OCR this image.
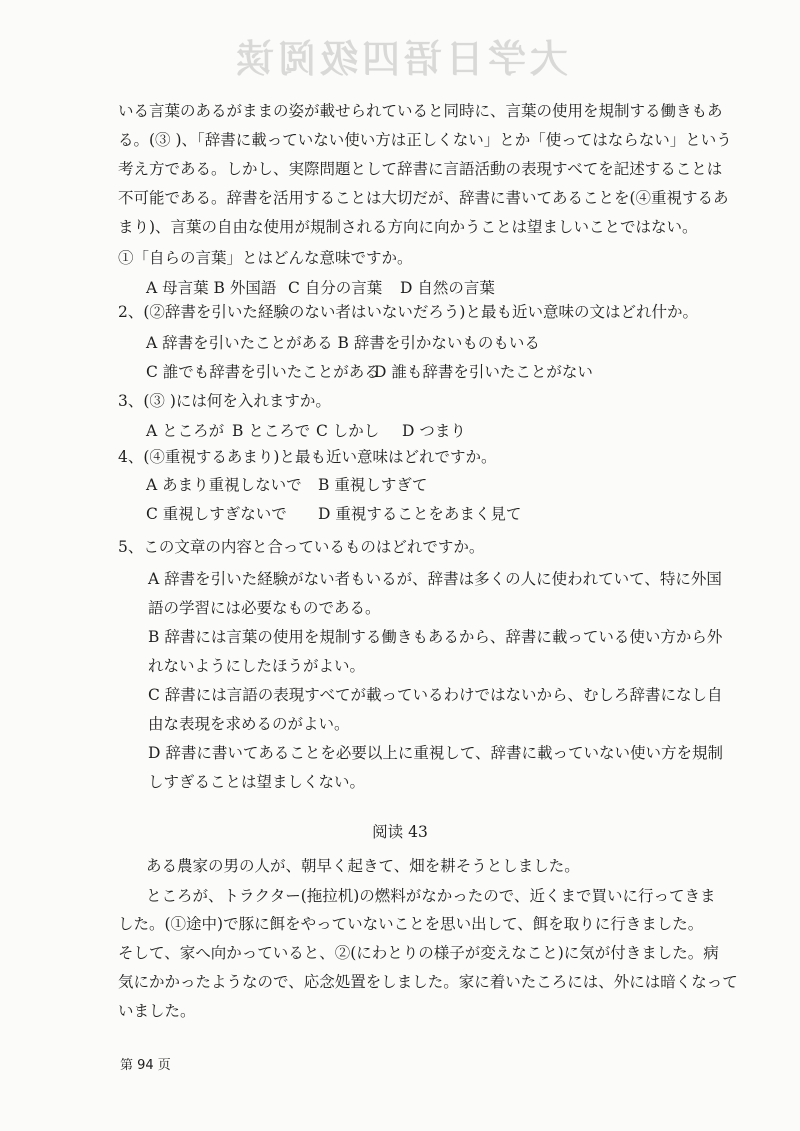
大学日语四级阅读
いる言葉のあるがままの姿が載せられていると同時に、言葉の使用を規制する働きもあ
る。(③ )、「辞書に載っていない使い方は正しくない」とか「使ってはならない」という
考え方である。しかし、実際問題として辞書に言語活動の表現すべてを記述することは
不可能である。辞書を活用することは大切だが、辞書に書いてあることを(④重視するあ
まり)、言葉の自由な使用が規制される方向に向かうことは望ましいことではない。
①「自らの言葉」とはどんな意味ですか。
A 母言葉 B 外国語 C 自分の言葉 D 自然の言葉
2、(②辞書を引いた経験のない者はいないだろう)と最も近い意味の文はどれ什か。
A 辞書を引いたことがある B 辞書を引かないものもいる
C 誰でも辞書を引いたことがある
D 誰も辞書を引いたことがない
3、(③ )には何を入れますか。
A ところが B ところで C しかし D つまり
4、(④重視するあまり)と最も近い意味はどれですか。
A あまり重視しないで B 重視しすぎて
C 重視しすぎないで D 重視することをあまく見て
5、この文章の内容と合っているものはどれですか。
A 辞書を引いた経験がない者もいるが、辞書は多くの人に使われていて、特に外国
語の学習には必要なものである。
B 辞書には言葉の使用を規制する働きもあるから、辞書に載っている使い方から外
れないようにしたほうがよい。
C 辞書には言語の表現すべてが載っているわけではないから、むしろ辞書になし自
由な表現を求めるのがよい。
D 辞書に書いてあることを必要以上に重視して、辞書に載っていない使い方を規制
しすぎることは望ましくない。
阅读 43
ある農家の男の人が、朝早く起きて、畑を耕そうとしました。
ところが、トラクター(拖拉机)の燃料がなかったので、近くまで買いに行ってきま
した。(①途中)で豚に餌をやっていないことを思い出して、餌を取りに行きました。
そして、家へ向かっていると、②(にわとりの様子が変えなこと)に気が付きました。病
気にかかったようなので、応念処置をしました。家に着いたころには、外には暗くなって
いました。
第 94 页
